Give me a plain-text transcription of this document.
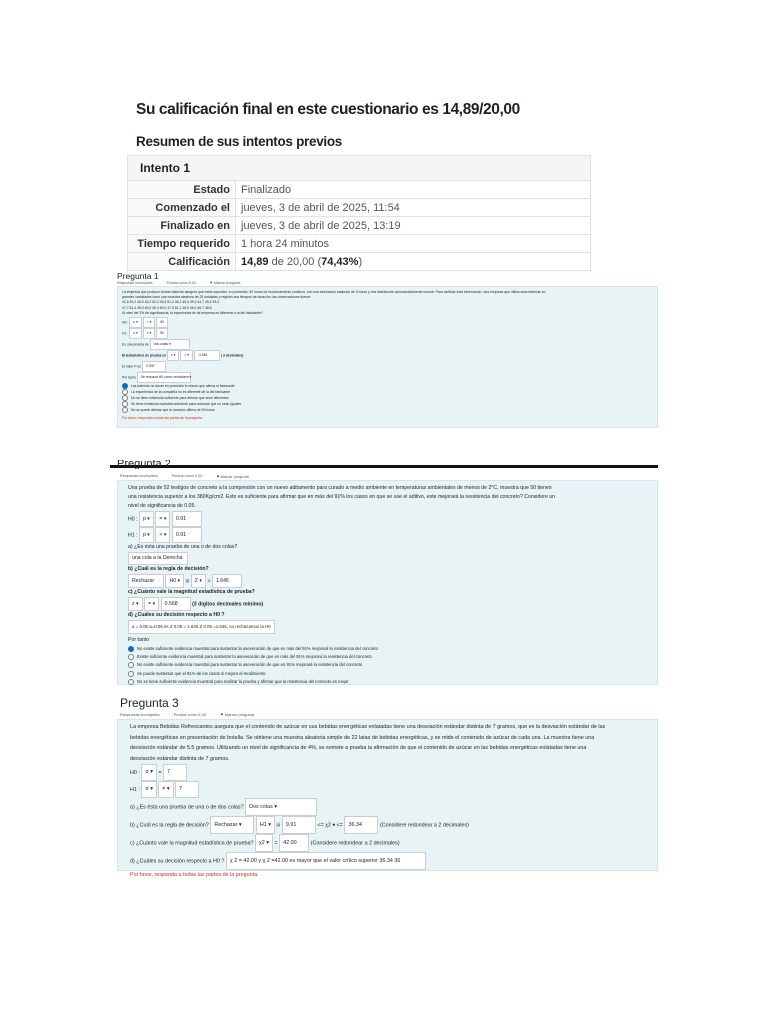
Su calificación final en este cuestionario es 14,89/20,00
Resumen de sus intentos previos
Intento 1	
Estado	Finalizado
Comenzado el	jueves, 3 de abril de 2025, 11:54
Finalizado en	jueves, 3 de abril de 2025, 13:19
Tiempo requerido	1 hora 24 minutos
Calificación	14,89 de 20,00 (74,43%)
Pregunta 1
Respuesta incompleta	Puntúa como 5,00	⚑ Marcar pregunta
La empresa que produce ciertas baterías asegura que estas soportan, en promedio, 50 horas de funcionamiento continuo, con una desviación estándar de 3 horas y una distribución aproximadamente normal. Para verificar esta información, otra empresa que utiliza esas baterías en
grandes cantidades tomó una muestra aleatoria de 25 unidades y registró sus tiempos de duración; las observaciones fueron:
42,5 49,2 48,5 43,2 52,3 43,3 51,2 46,1 45,3 49,2 44,7 45,4 53,0
47,7 51,4 49,0 46,0 49,4 50,0 47,9 51,1 46,9 46,0 46,7 48,8
Al nivel del 2% de significancia, la experiencia de tal empresa es diferente a la del fabricante?
H0 : u ▾	= ▾	50
H1 : u ▾	≠ ▾	50
Es una prueba de dos colas ▾
El Estadístico de prueba es z ▾	= ▾	-3.681	( 3 decimales)
El valor P es 0.000
Por tanto Se rechaza H0 como verdadera ▾
Las baterías no duran en promedio lo mismo que afirma el fabricante
La experiencia de la compañía no es diferente de la del fabricante
No se tiene evidencia suficiente para afirmar que sean diferentes
Se tiene evidencia muestral suficiente para rechazar que no sean iguales
No se puede afirmar que la duración difiera de 50 horas
Por favor, responda a todas las partes de la pregunta.
Pregunta 2
Respuesta incompleta	Puntúa como 5,00	⚑ Marcar pregunta
Una prueba de 52 testigos de concreto a la compresión con un nuevo aditamento para curado a medio ambiente en temperaturas ambientales de menos de 2°C, muestra que 50 tienen
una resistencia superior a los 380Kg/cm2. Esto es suficiente para afirmar que en más del 91% los casos en que se use el aditivo, este mejorará la resistencia del concreto? Considere un
nivel de significancia de 0.05.
H0 : p ▾ = ▾ 0.91
H1 : p ▾ > ▾ 0.91
a) ¿Es ésta una prueba de una o de dos colas?
una cola a la Derecha
b) ¿Cuál es la regla de decisión?
Rechazar	H0 ▾ si Z ▾ > 1.645
c) ¿Cuánto vale la magnitud estadística de prueba?
z ▾ = ▾ 0.568	(3 dígitos decimales mínimo)
d) ¿Cuáles su decisión respecto a H0 ?
a = 0.05 a=0.05 es Z 0.05 = 1.645 Z 0.05 =1.645, no rechazamos la H0
Por tanto
No existe suficiente evidencia muestral para sustentar la aseveración de que en más del 91% mejorará la resistencia del concreto
Existe suficiente evidencia muestral para sustentar la aseveración de que en más del 91% mejorará la resistencia del concreto
No existe suficiente evidencia muestral para sustentar la aseveración de que en 91% mejorará la resistencia del concreto
Se puede sustentar que el 91% de los casos si mejora el rendimiento
No se tiene suficiente evidencia muestral para realizar la prueba y afirmar que la resistencia del concreto es mejor
Pregunta 3
Respuesta incompleta	Puntúa como 5,00	⚑ Marcar pregunta
La empresa Bebidas Refrescantes asegura que el contenido de azúcar en sus bebidas energéticas enlatadas tiene una desviación estándar distinta de 7 gramos, que es la desviación estándar de las
bebidas energéticas en presentación de botella. Se obtiene una muestra aleatoria simple de 22 latas de bebidas energéticas, y se mide el contenido de azúcar de cada una. La muestra tiene una
desviación estándar de 5.5 gramos. Utilizando un nivel de significancia de 4%, se somete a prueba la afirmación de que el contenido de azúcar en las bebidas energéticas enlatadas tiene una
desviación estándar distinta de 7 gramos.
H0 : σ ▾ = 7
H1 : σ ▾ ≠ ▾ 7
a) ¿Es ésta una prueba de una o de dos colas? Dos colas ▾
b) ¿Cuál es la regla de decisión? Rechazar ▾	H1 ▾ si 9.91	<= χ2 ▾ <= 36.34	(Considere redondear a 2 decimales)
c) ¿Cuánto vale la magnitud estadística de prueba? χ2 ▾ = 42.00	(Considere redondear a 2 decimales)
d) ¿Cuáles su decisión respecto a H0 ? χ 2 = 42.00 y χ 2 =42.00 es mayor que el valor crítico superior 36.34 36
Por favor, responda a todas las partes de la pregunta.
